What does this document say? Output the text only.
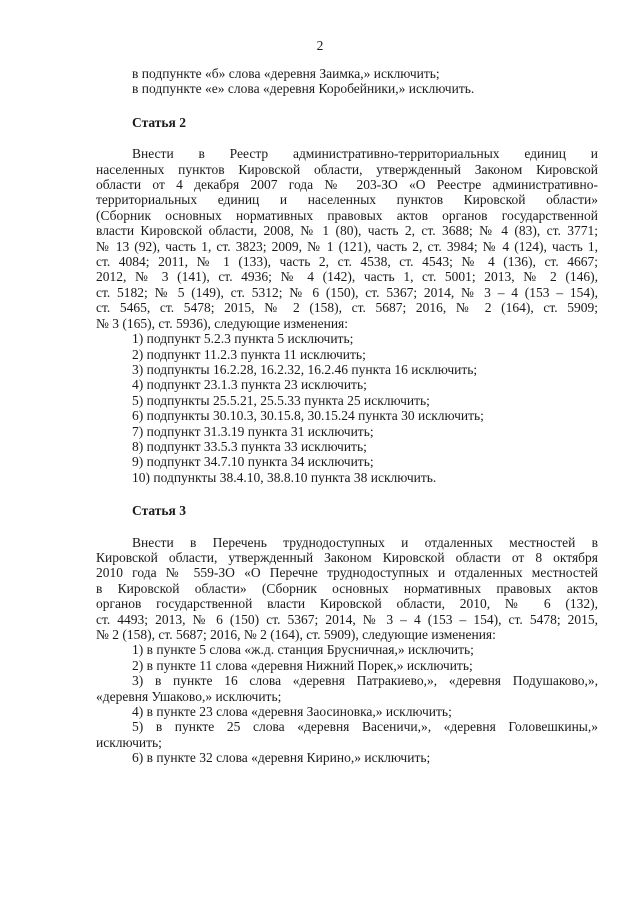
2
в подпункте «б» слова «деревня Заимка,» исключить;
в подпункте «е» слова «деревня Коробейники,» исключить.
Статья 2
Внести в Реестр административно-территориальных единиц и
населенных пунктов Кировской области, утвержденный Законом Кировской
области от 4 декабря 2007 года № 203-ЗО «О Реестре административно-
территориальных единиц и населенных пунктов Кировской области»
(Сборник основных нормативных правовых актов органов государственной
власти Кировской области, 2008, № 1 (80), часть 2, ст. 3688; № 4 (83), ст. 3771;
№ 13 (92), часть 1, ст. 3823; 2009, № 1 (121), часть 2, ст. 3984; № 4 (124), часть 1,
ст. 4084; 2011, № 1 (133), часть 2, ст. 4538, ст. 4543; № 4 (136), ст. 4667;
2012, № 3 (141), ст. 4936; № 4 (142), часть 1, ст. 5001; 2013, № 2 (146),
ст. 5182; № 5 (149), ст. 5312; № 6 (150), ст. 5367; 2014, № 3 – 4 (153 – 154),
ст. 5465, ст. 5478; 2015, № 2 (158), ст. 5687; 2016, № 2 (164), ст. 5909;
№ 3 (165), ст. 5936), следующие изменения:
1) подпункт 5.2.3 пункта 5 исключить;
2) подпункт 11.2.3 пункта 11 исключить;
3) подпункты 16.2.28, 16.2.32, 16.2.46 пункта 16 исключить;
4) подпункт 23.1.3 пункта 23 исключить;
5) подпункты 25.5.21, 25.5.33 пункта 25 исключить;
6) подпункты 30.10.3, 30.15.8, 30.15.24 пункта 30 исключить;
7) подпункт 31.3.19 пункта 31 исключить;
8) подпункт 33.5.3 пункта 33 исключить;
9) подпункт 34.7.10 пункта 34 исключить;
10) подпункты 38.4.10, 38.8.10 пункта 38 исключить.
Статья 3
Внести в Перечень труднодоступных и отдаленных местностей в
Кировской области, утвержденный Законом Кировской области от 8 октября
2010 года № 559-ЗО «О Перечне труднодоступных и отдаленных местностей
в Кировской области» (Сборник основных нормативных правовых актов
органов государственной власти Кировской области, 2010, № 6 (132),
ст. 4493; 2013, № 6 (150) ст. 5367; 2014, № 3 – 4 (153 – 154), ст. 5478; 2015,
№ 2 (158), ст. 5687; 2016, № 2 (164), ст. 5909), следующие изменения:
1) в пункте 5 слова «ж.д. станция Брусничная,» исключить;
2) в пункте 11 слова «деревня Нижний Порек,» исключить;
3) в пункте 16 слова «деревня Патракиево,», «деревня Подушаково,»,
«деревня Ушаково,» исключить;
4) в пункте 23 слова «деревня Заосиновка,» исключить;
5) в пункте 25 слова «деревня Васеничи,», «деревня Головешкины,»
исключить;
6) в пункте 32 слова «деревня Кирино,» исключить;
